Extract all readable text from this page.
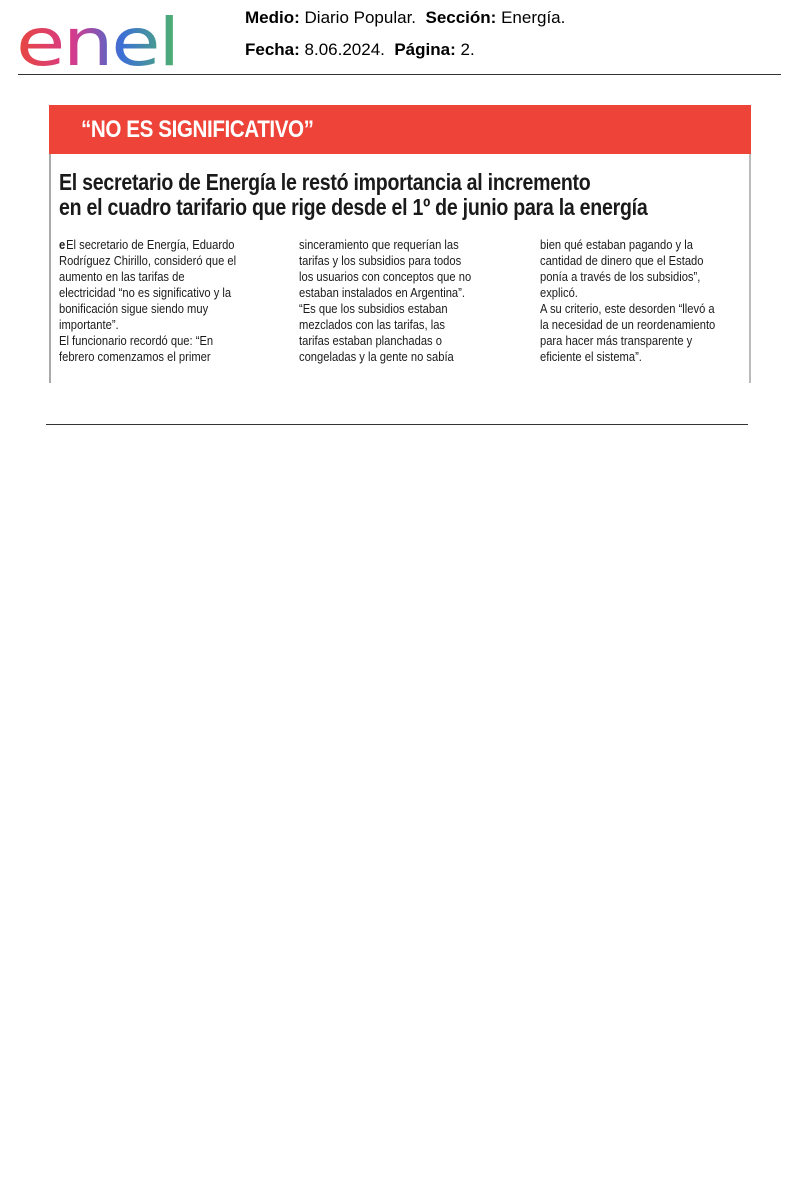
enel	Medio: Diario Popular. Sección: Energía.
Fecha: 8.06.2024. Página: 2.
“NO ES SIGNIFICATIVO”
El secretario de Energía le restó importancia al incremento
en el cuadro tarifario que rige desde el 1º de junio para la energía

eEl secretario de Energía, Eduardo

Rodríguez Chirillo, consideró que el

aumento en las tarifas de

electricidad “no es significativo y la

bonificación sigue siendo muy

importante”.

El funcionario recordó que: “En

febrero comenzamos el primer

sinceramiento que requerían las

tarifas y los subsidios para todos

los usuarios con conceptos que no

estaban instalados en Argentina”.

“Es que los subsidios estaban

mezclados con las tarifas, las

tarifas estaban planchadas o

congeladas y la gente no sabía

bien qué estaban pagando y la

cantidad de dinero que el Estado

ponía a través de los subsidios”,

explicó.

A su criterio, este desorden “llevó a

la necesidad de un reordenamiento

para hacer más transparente y

eficiente el sistema”.
